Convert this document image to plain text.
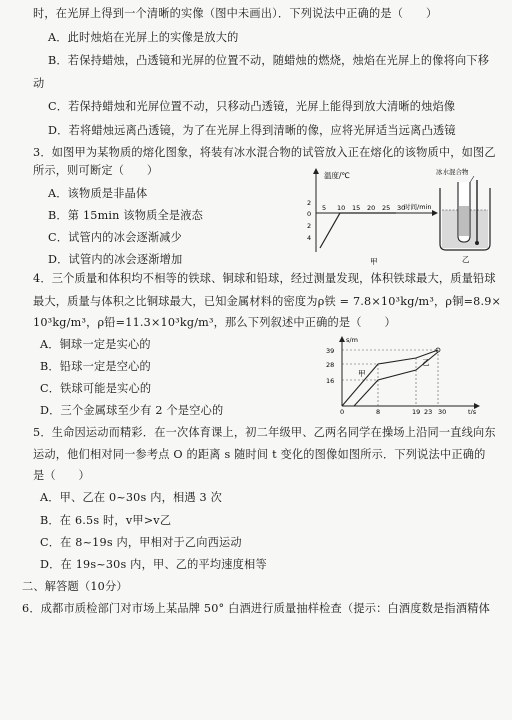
时，在光屏上得到一个清晰的实像（图中未画出）．下列说法中正确的是（　　）
A．此时烛焰在光屏上的实像是放大的
B．若保持蜡烛，凸透镜和光屏的位置不动，随蜡烛的燃烧，烛焰在光屏上的像将向下移
动
C．若保持蜡烛和光屏位置不动，只移动凸透镜，光屏上能得到放大清晰的烛焰像
D．若将蜡烛远离凸透镜，为了在光屏上得到清晰的像，应将光屏适当远离凸透镜
3．如图甲为某物质的熔化图象，将装有冰水混合物的试管放入正在熔化的该物质中，如图乙
所示，则可断定（　　）
A．该物质是非晶体
B．第 15min 该物质全是液态
C．试管内的冰会逐渐减少
D．试管内的冰会逐渐增加
温度/℃
时间/min
5 10 15 20 25 30
2
0
2
4
甲
冰水混合物
乙
4．三个质量和体积均不相等的铁球、铜球和铅球，经过测量发现，体积铁球最大，质量铅球
最大，质量与体积之比铜球最大，已知金属材料的密度为ρ铁 = 7.8×10³kg/m³，ρ铜=8.9×
10³kg/m³，ρ铅=11.3×10³kg/m³，那么下列叙述中正确的是（　　）
A．铜球一定是实心的
B．铅球一定是空心的
C．铁球可能是实心的
D．三个金属球至少有 2 个是空心的
s/m
t/s
39
28
16
0	8	19 23 30
甲
乙
5．生命因运动而精彩．在一次体育课上，初二年级甲、乙两名同学在操场上沿同一直线向东
运动，他们相对同一参考点 O 的距离 s 随时间 t 变化的图像如图所示．下列说法中正确的
是（　　）
A．甲、乙在 0~30s 内，相遇 3 次
B．在 6.5s 时，v甲>v乙
C．在 8~19s 内，甲相对于乙向西运动
D．在 19s~30s 内，甲、乙的平均速度相等
二、解答题（10分）
6．成都市质检部门对市场上某品牌 50° 白酒进行质量抽样检查（提示：白酒度数是指酒精体
